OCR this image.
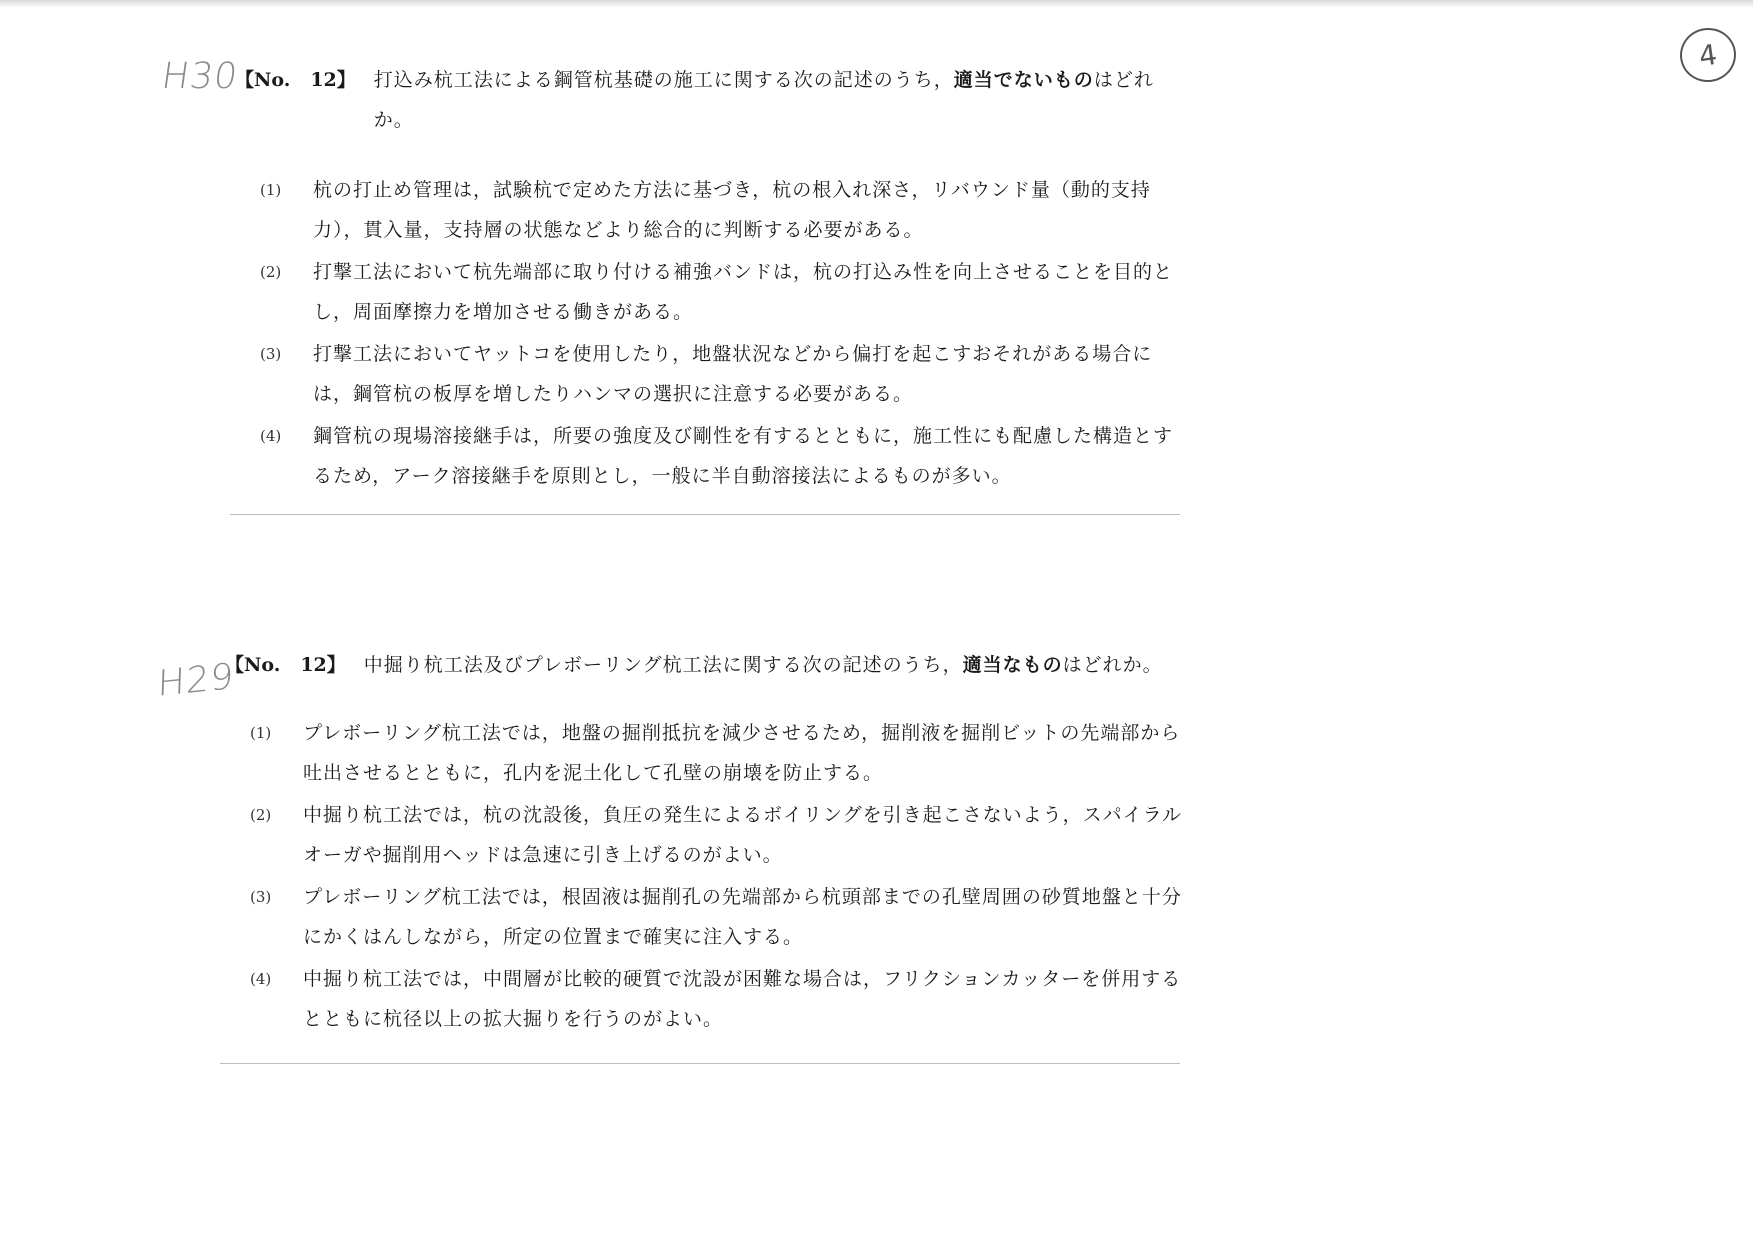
H30
H29
4
【No. 12】 打込み杭工法による鋼管杭基礎の施工に関する次の記述のうち，適当でないものはどれか。
(1)	杭の打止め管理は，試験杭で定めた方法に基づき，杭の根入れ深さ，リバウンド量（動的支持力），貫入量，支持層の状態などより総合的に判断する必要がある。
(2)	打撃工法において杭先端部に取り付ける補強バンドは，杭の打込み性を向上させることを目的とし，周面摩擦力を増加させる働きがある。
(3)	打撃工法においてヤットコを使用したり，地盤状況などから偏打を起こすおそれがある場合には，鋼管杭の板厚を増したりハンマの選択に注意する必要がある。
(4)	鋼管杭の現場溶接継手は，所要の強度及び剛性を有するとともに，施工性にも配慮した構造とするため，アーク溶接継手を原則とし，一般に半自動溶接法によるものが多い。
【No. 12】 中掘り杭工法及びプレボーリング杭工法に関する次の記述のうち，適当なものはどれか。
(1)	プレボーリング杭工法では，地盤の掘削抵抗を減少させるため，掘削液を掘削ビットの先端部から吐出させるとともに，孔内を泥土化して孔壁の崩壊を防止する。
(2)	中掘り杭工法では，杭の沈設後，負圧の発生によるボイリングを引き起こさないよう，スパイラルオーガや掘削用ヘッドは急速に引き上げるのがよい。
(3)	プレボーリング杭工法では，根固液は掘削孔の先端部から杭頭部までの孔壁周囲の砂質地盤と十分にかくはんしながら，所定の位置まで確実に注入する。
(4)	中掘り杭工法では，中間層が比較的硬質で沈設が困難な場合は，フリクションカッターを併用するとともに杭径以上の拡大掘りを行うのがよい。
